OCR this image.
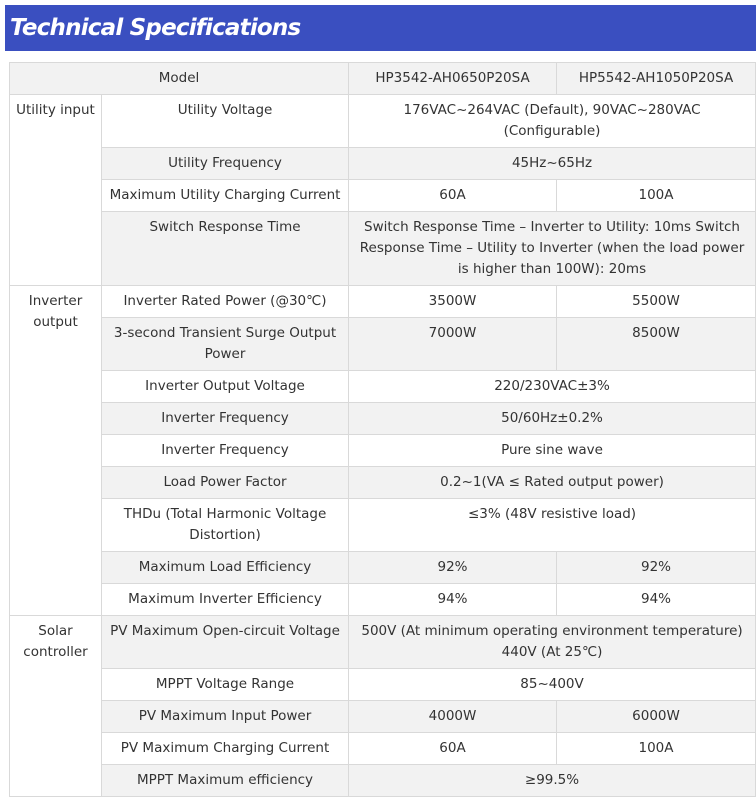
Technical Specifications
Model		HP3542-AH0650P20SA	HP5542-AH1050P20SA
Utility input	Utility Voltage	176VAC~264VAC (Default), 90VAC~280VAC (Configurable)	
	Utility Frequency	45Hz~65Hz	
	Maximum Utility Charging Current	60A	100A
	Switch Response Time	Switch Response Time – Inverter to Utility: 10ms Switch Response Time – Utility to Inverter (when the load power is higher than 100W): 20ms	
Inverter output	Inverter Rated Power (@30℃)	3500W	5500W
	3-second Transient Surge Output Power	7000W	8500W
	Inverter Output Voltage	220/230VAC±3%	
	Inverter Frequency	50/60Hz±0.2%	
	Inverter Frequency	Pure sine wave	
	Load Power Factor	0.2~1(VA ≤ Rated output power)	
	THDu (Total Harmonic Voltage Distortion)	≤3% (48V resistive load)	
	Maximum Load Efficiency	92%	92%
	Maximum Inverter Efficiency	94%	94%
Solar controller	PV Maximum Open-circuit Voltage	500V (At minimum operating environment temperature) 440V (At 25℃)	
	MPPT Voltage Range	85~400V	
	PV Maximum Input Power	4000W	6000W
	PV Maximum Charging Current	60A	100A
	MPPT Maximum efficiency	≥99.5%	
